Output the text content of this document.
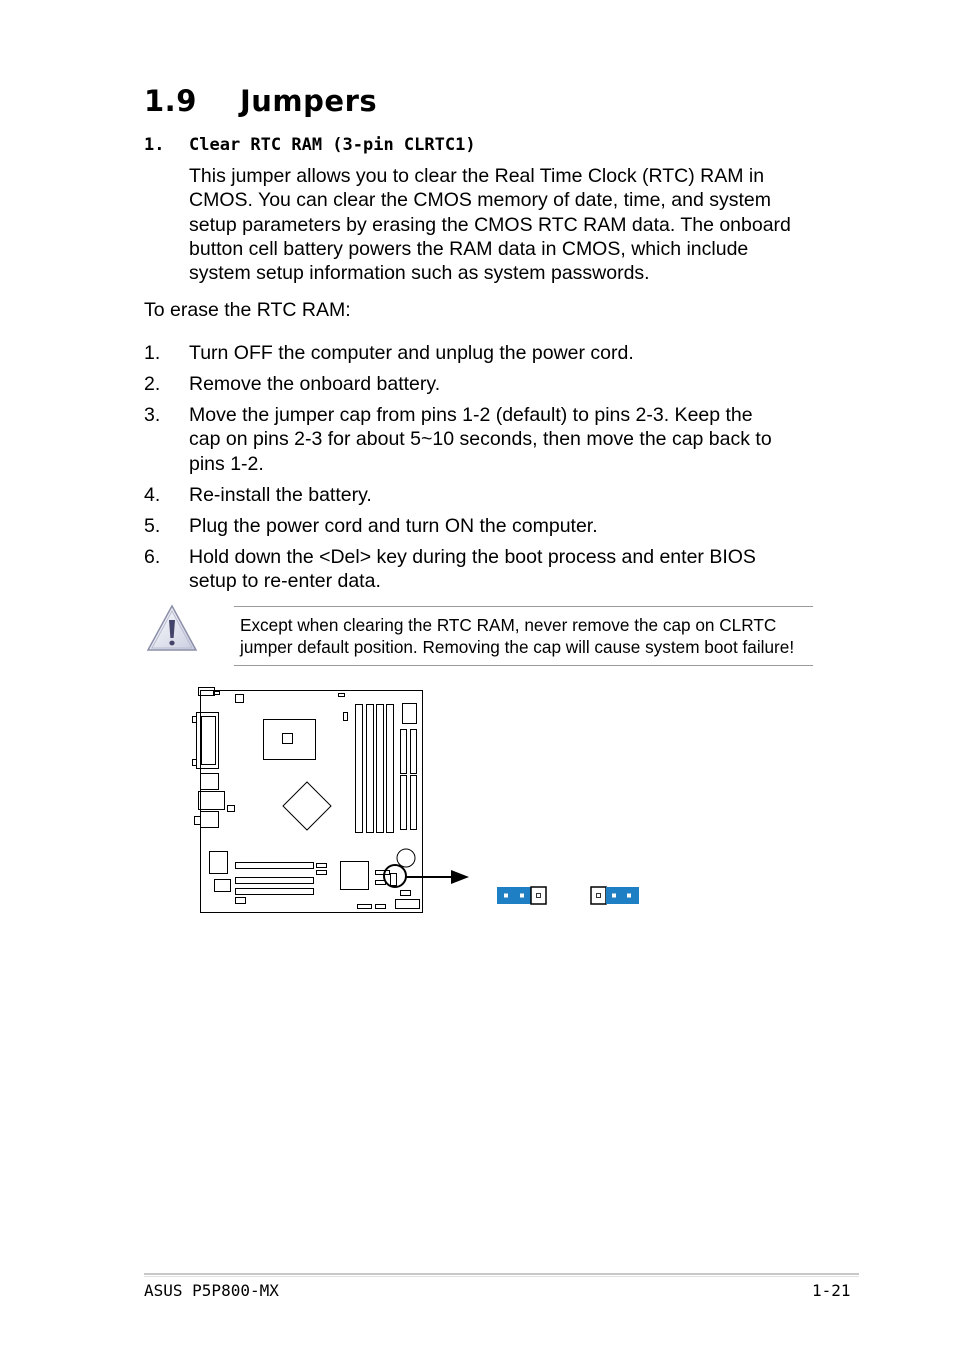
1.9 Jumpers
1. Clear RTC RAM (3-pin CLRTC1)

This jumper allows you to clear the Real Time Clock (RTC) RAM in
CMOS. You can clear the CMOS memory of date, time, and system
setup parameters by erasing the CMOS RTC RAM data. The onboard
button cell battery powers the RAM data in CMOS, which include
system setup information such as system passwords.

To erase the RTC RAM:

1.	Turn OFF the computer and unplug the power cord.
2.	Remove the onboard battery.
3.	Move the jumper cap from pins 1-2 (default) to pins 2-3. Keep the
cap on pins 2-3 for about 5~10 seconds, then move the cap back to
pins 1-2.
4.	Re-install the battery.
5.	Plug the power cord and turn ON the computer.
6.	Hold down the <Del> key during the boot process and enter BIOS
setup to re-enter data.

Except when clearing the RTC RAM, never remove the cap on CLRTC
jumper default position. Removing the cap will cause system boot failure!

ASUS P5P800-MX	1-21
